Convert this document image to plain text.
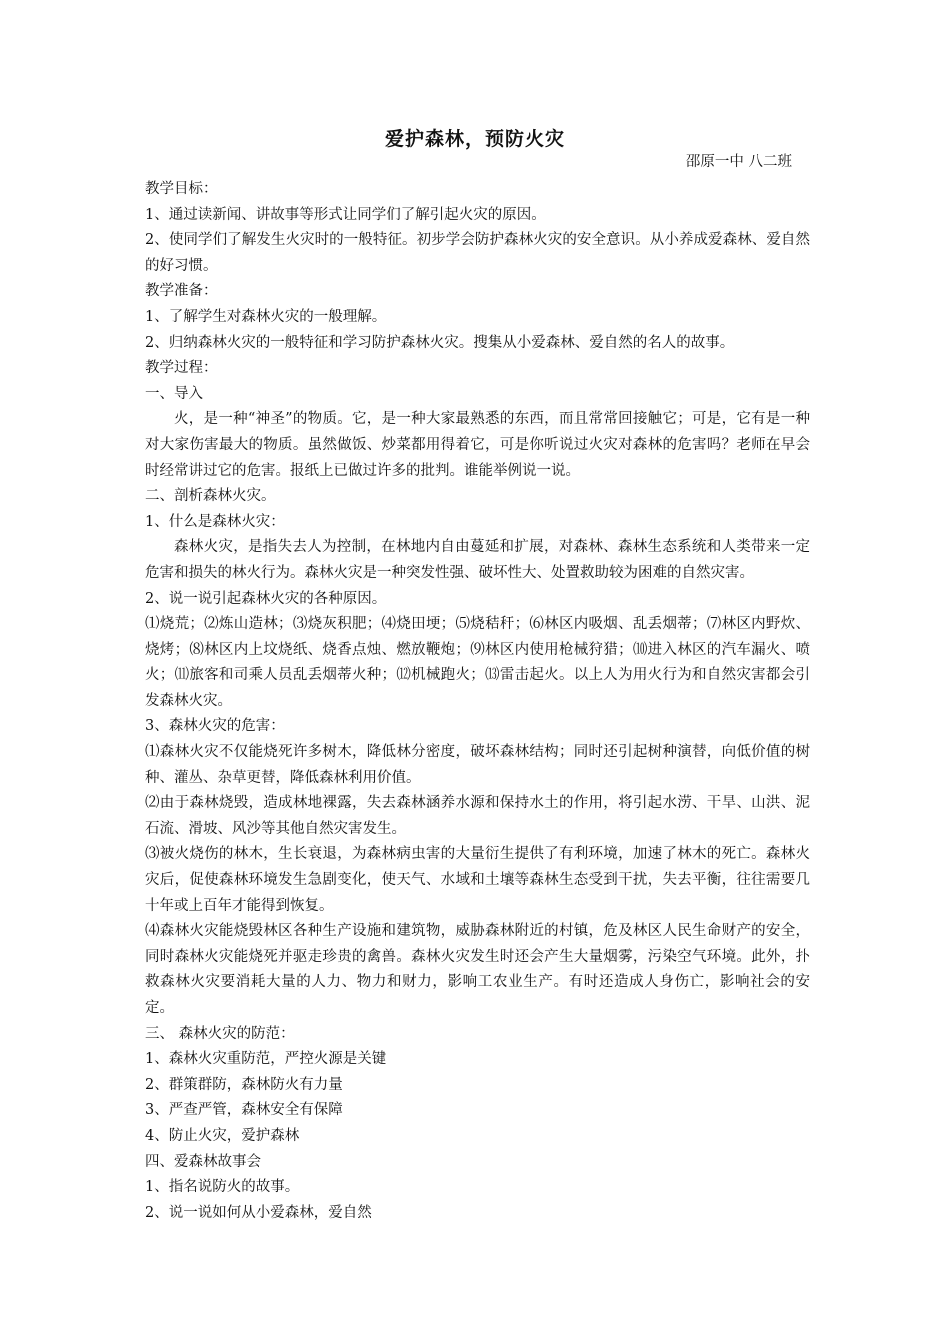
爱护森林，预防火灾
邵原一中 八二班
教学目标：
1、通过读新闻、讲故事等形式让同学们了解引起火灾的原因。
2、使同学们了解发生火灾时的一般特征。初步学会防护森林火灾的安全意识。从小养成爱森林、爱自然的好习惯。
教学准备：
1、了解学生对森林火灾的一般理解。
2、归纳森林火灾的一般特征和学习防护森林火灾。搜集从小爱森林、爱自然的名人的故事。
教学过程：
一、导入
火，是一种“神圣”的物质。它，是一种大家最熟悉的东西，而且常常回接触它；可是，它有是一种对大家伤害最大的物质。虽然做饭、炒菜都用得着它，可是你听说过火灾对森林的危害吗？老师在早会时经常讲过它的危害。报纸上已做过许多的批判。谁能举例说一说。
二、剖析森林火灾。
1、什么是森林火灾：
森林火灾，是指失去人为控制，在林地内自由蔓延和扩展，对森林、森林生态系统和人类带来一定危害和损失的林火行为。森林火灾是一种突发性强、破坏性大、处置救助较为困难的自然灾害。
2、说一说引起森林火灾的各种原因。
⑴烧荒；⑵炼山造林；⑶烧灰积肥；⑷烧田埂；⑸烧秸秆；⑹林区内吸烟、乱丢烟蒂；⑺林区内野炊、烧烤；⑻林区内上坟烧纸、烧香点烛、燃放鞭炮；⑼林区内使用枪械狩猎；⑽进入林区的汽车漏火、喷火；⑾旅客和司乘人员乱丢烟蒂火种；⑿机械跑火；⒀雷击起火。以上人为用火行为和自然灾害都会引发森林火灾。
3、森林火灾的危害：
⑴森林火灾不仅能烧死许多树木，降低林分密度，破坏森林结构；同时还引起树种演替，向低价值的树种、灌丛、杂草更替，降低森林利用价值。
⑵由于森林烧毁，造成林地裸露，失去森林涵养水源和保持水土的作用，将引起水涝、干旱、山洪、泥石流、滑坡、风沙等其他自然灾害发生。
⑶被火烧伤的林木，生长衰退，为森林病虫害的大量衍生提供了有利环境，加速了林木的死亡。森林火灾后，促使森林环境发生急剧变化，使天气、水域和土壤等森林生态受到干扰，失去平衡，往往需要几十年或上百年才能得到恢复。
⑷森林火灾能烧毁林区各种生产设施和建筑物，威胁森林附近的村镇，危及林区人民生命财产的安全，同时森林火灾能烧死并驱走珍贵的禽兽。森林火灾发生时还会产生大量烟雾，污染空气环境。此外，扑救森林火灾要消耗大量的人力、物力和财力，影响工农业生产。有时还造成人身伤亡，影响社会的安定。
三、 森林火灾的防范：
1、森林火灾重防范，严控火源是关键
2、群策群防，森林防火有力量
3、严查严管，森林安全有保障
4、防止火灾，爱护森林
四、爱森林故事会
1、指名说防火的故事。
2、说一说如何从小爱森林，爱自然
